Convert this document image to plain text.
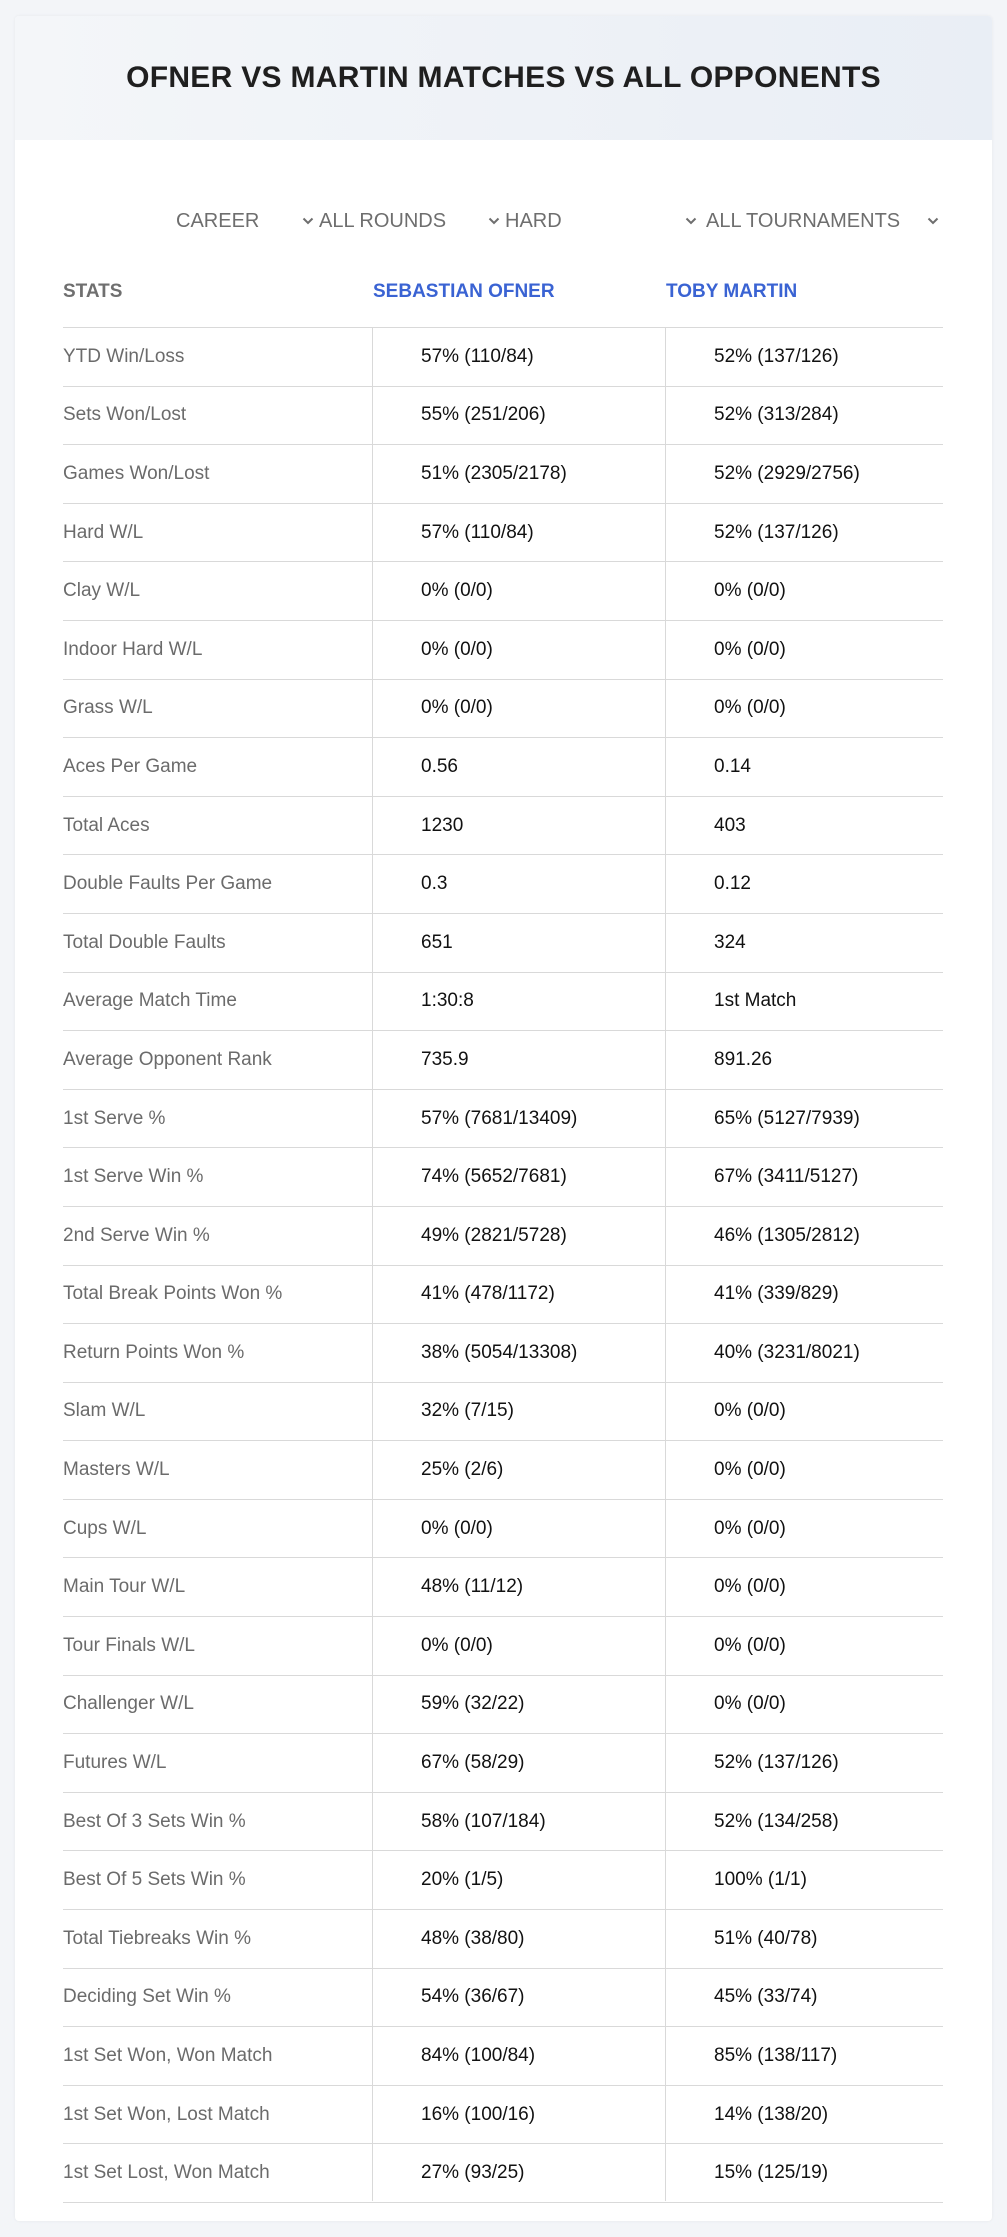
OFNER VS MARTIN MATCHES VS ALL OPPONENTS
CAREER	ALL ROUNDS	HARD	ALL TOURNAMENTS
STATS	SEBASTIAN OFNER	TOBY MARTIN
YTD Win/Loss	57% (110/84)	52% (137/126)
Sets Won/Lost	55% (251/206)	52% (313/284)
Games Won/Lost	51% (2305/2178)	52% (2929/2756)
Hard W/L	57% (110/84)	52% (137/126)
Clay W/L	0% (0/0)	0% (0/0)
Indoor Hard W/L	0% (0/0)	0% (0/0)
Grass W/L	0% (0/0)	0% (0/0)
Aces Per Game	0.56	0.14
Total Aces	1230	403
Double Faults Per Game	0.3	0.12
Total Double Faults	651	324
Average Match Time	1:30:8	1st Match
Average Opponent Rank	735.9	891.26
1st Serve %	57% (7681/13409)	65% (5127/7939)
1st Serve Win %	74% (5652/7681)	67% (3411/5127)
2nd Serve Win %	49% (2821/5728)	46% (1305/2812)
Total Break Points Won %	41% (478/1172)	41% (339/829)
Return Points Won %	38% (5054/13308)	40% (3231/8021)
Slam W/L	32% (7/15)	0% (0/0)
Masters W/L	25% (2/6)	0% (0/0)
Cups W/L	0% (0/0)	0% (0/0)
Main Tour W/L	48% (11/12)	0% (0/0)
Tour Finals W/L	0% (0/0)	0% (0/0)
Challenger W/L	59% (32/22)	0% (0/0)
Futures W/L	67% (58/29)	52% (137/126)
Best Of 3 Sets Win %	58% (107/184)	52% (134/258)
Best Of 5 Sets Win %	20% (1/5)	100% (1/1)
Total Tiebreaks Win %	48% (38/80)	51% (40/78)
Deciding Set Win %	54% (36/67)	45% (33/74)
1st Set Won, Won Match	84% (100/84)	85% (138/117)
1st Set Won, Lost Match	16% (100/16)	14% (138/20)
1st Set Lost, Won Match	27% (93/25)	15% (125/19)
